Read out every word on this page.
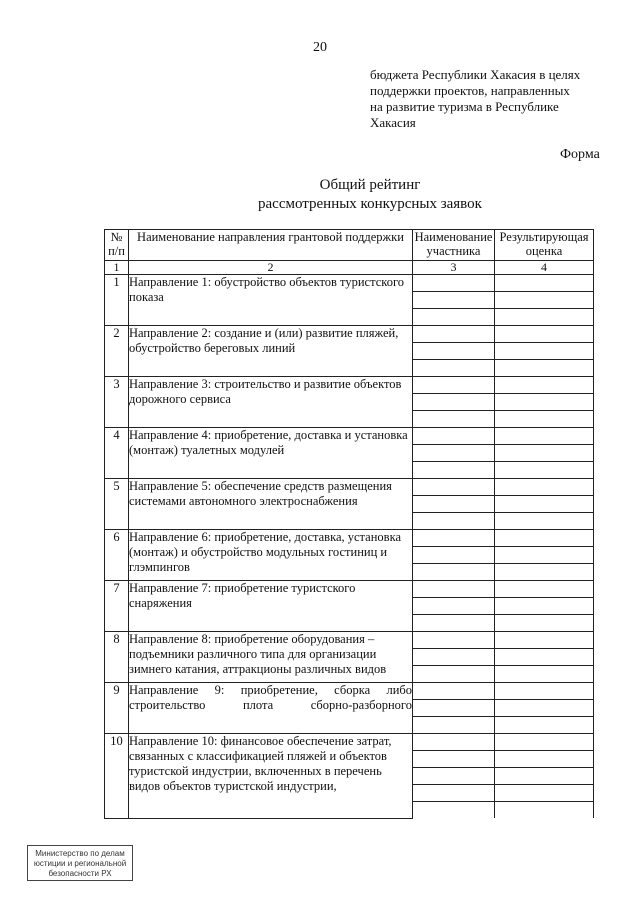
20
бюджета Республики Хакасия в целях
поддержки проектов, направленных
на развитие туризма в Республике
Хакасия
Форма
Общий рейтинг
рассмотренных конкурсных заявок
№ п/п	Наименование направления грантовой поддержки	Наименование участника	Результирующая оценка
1	2	3	4
1	Направление 1: обустройство объектов туристского показа		

2	Направление 2: создание и (или) развитие пляжей, обустройство береговых линий		

3	Направление 3: строительство и развитие объектов дорожного сервиса		

4	Направление 4: приобретение, доставка и установка (монтаж) туалетных модулей		

5	Направление 5: обеспечение средств размещения системами автономного электроснабжения		

6	Направление 6: приобретение, доставка, установка (монтаж) и обустройство модульных гостиниц и глэмпингов		

7	Направление 7: приобретение туристского снаряжения		

8	Направление 8: приобретение оборудования – подъемники различного типа для организации зимнего катания, аттракционы различных видов		

9	Направление 9: приобретение, сборка либо строительство плота сборно-разборного		

10	Направление 10: финансовое обеспечение затрат, связанных с классификацией пляжей и объектов туристской индустрии, включенных в перечень видов объектов туристской индустрии,		

Министерство по делам
юстиции и региональной
безопасности РХ
